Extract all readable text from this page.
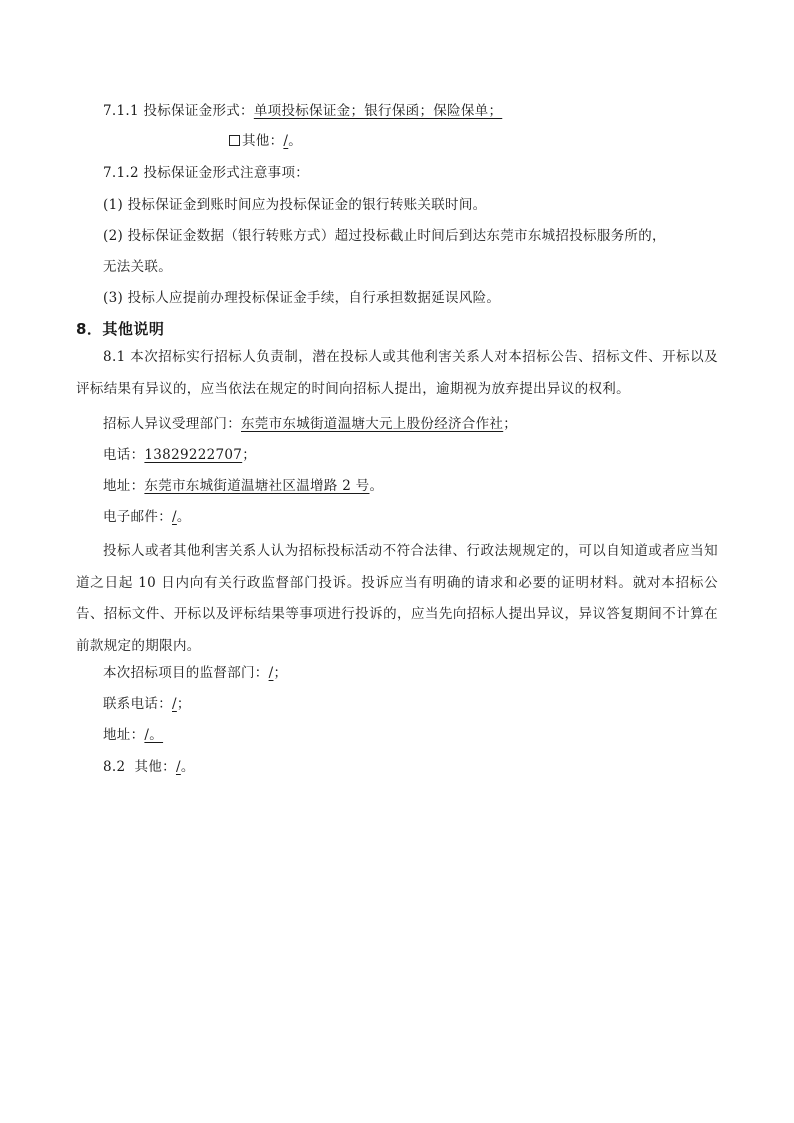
7.1.1 投标保证金形式：单项投标保证金；银行保函；保险保单；
其他：/。
7.1.2 投标保证金形式注意事项：
(1) 投标保证金到账时间应为投标保证金的银行转账关联时间。
(2) 投标保证金数据（银行转账方式）超过投标截止时间后到达东莞市东城招投标服务所的，
无法关联。
(3) 投标人应提前办理投标保证金手续，自行承担数据延误风险。
8．其他说明
8.1 本次招标实行招标人负责制，潜在投标人或其他利害关系人对本招标公告、招标文件、开标以及评标结果有异议的，应当依法在规定的时间向招标人提出，逾期视为放弃提出异议的权利。
招标人异议受理部门：东莞市东城街道温塘大元上股份经济合作社；
电话：13829222707；
地址：东莞市东城街道温塘社区温增路 2 号。
电子邮件：/。
投标人或者其他利害关系人认为招标投标活动不符合法律、行政法规规定的，可以自知道或者应当知道之日起 10 日内向有关行政监督部门投诉。投诉应当有明确的请求和必要的证明材料。就对本招标公告、招标文件、开标以及评标结果等事项进行投诉的，应当先向招标人提出异议，异议答复期间不计算在前款规定的期限内。
本次招标项目的监督部门：/；
联系电话：/；
地址：/。
8.2  其他：/。
